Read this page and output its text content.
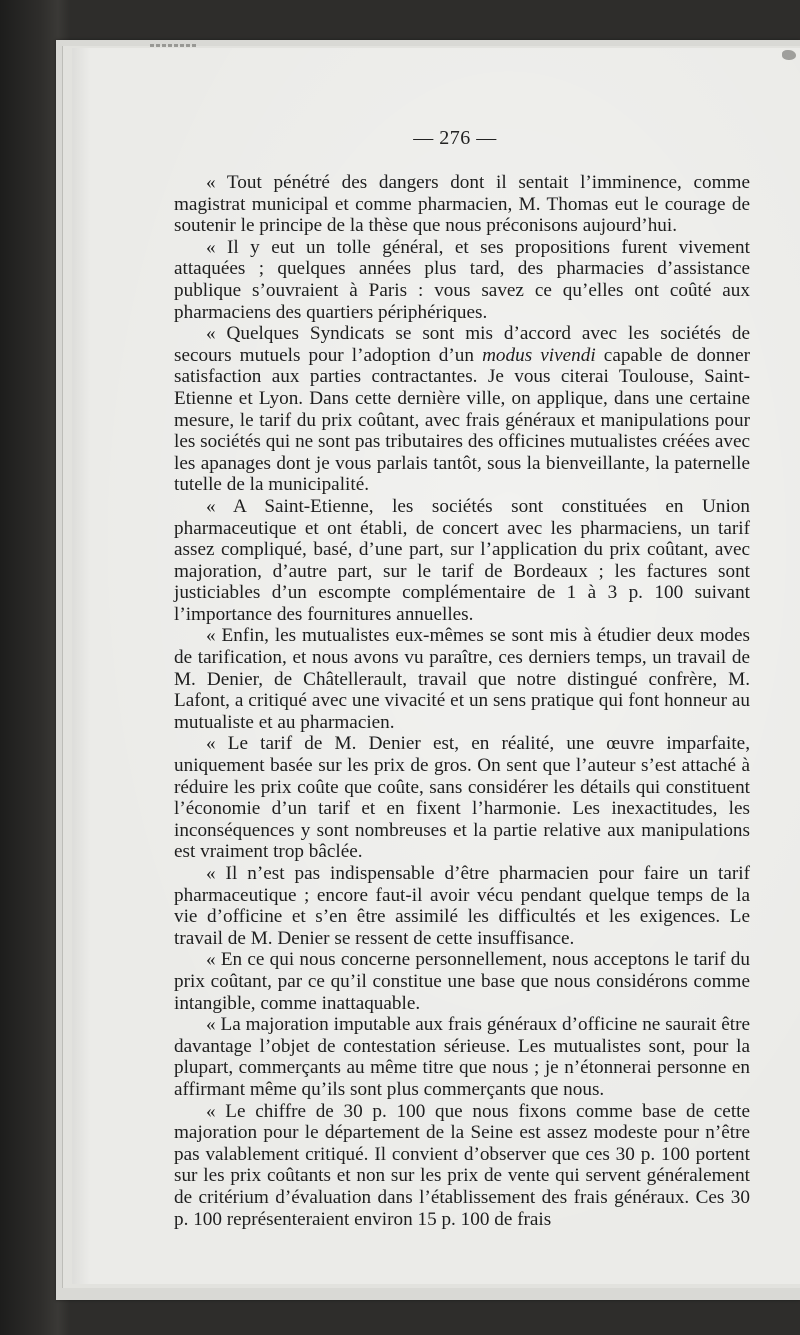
— 276 —

« Tout pénétré des dangers dont il sentait l’imminence, comme magistrat municipal et comme pharmacien, M. Thomas eut le courage de soutenir le principe de la thèse que nous préconisons aujourd’hui.

« Il y eut un tolle général, et ses propositions furent vivement attaquées ; quelques années plus tard, des pharmacies d’assistance publique s’ouvraient à Paris : vous savez ce qu’elles ont coûté aux pharmaciens des quartiers périphériques.

« Quelques Syndicats se sont mis d’accord avec les sociétés de secours mutuels pour l’adoption d’un modus vivendi capable de donner satisfaction aux parties contractantes. Je vous citerai Toulouse, Saint-Etienne et Lyon. Dans cette dernière ville, on applique, dans une certaine mesure, le tarif du prix coûtant, avec frais généraux et manipulations pour les sociétés qui ne sont pas tributaires des officines mutualistes créées avec les apanages dont je vous parlais tantôt, sous la bienveillante, la paternelle tutelle de la municipalité.

« A Saint-Etienne, les sociétés sont constituées en Union pharmaceutique et ont établi, de concert avec les pharmaciens, un tarif assez compliqué, basé, d’une part, sur l’application du prix coûtant, avec majoration, d’autre part, sur le tarif de Bordeaux ; les factures sont justiciables d’un escompte complémentaire de 1 à 3 p. 100 suivant l’importance des fournitures annuelles.

« Enfin, les mutualistes eux-mêmes se sont mis à étudier deux modes de tarification, et nous avons vu paraître, ces derniers temps, un travail de M. Denier, de Châtellerault, travail que notre distingué confrère, M. Lafont, a critiqué avec une vivacité et un sens pratique qui font honneur au mutualiste et au pharmacien.

« Le tarif de M. Denier est, en réalité, une œuvre imparfaite, uniquement basée sur les prix de gros. On sent que l’auteur s’est attaché à réduire les prix coûte que coûte, sans considérer les détails qui constituent l’économie d’un tarif et en fixent l’harmonie. Les inexactitudes, les inconséquences y sont nombreuses et la partie relative aux manipulations est vraiment trop bâclée.

« Il n’est pas indispensable d’être pharmacien pour faire un tarif pharmaceutique ; encore faut-il avoir vécu pendant quelque temps de la vie d’officine et s’en être assimilé les difficultés et les exigences. Le travail de M. Denier se ressent de cette insuffisance.

« En ce qui nous concerne personnellement, nous acceptons le tarif du prix coûtant, par ce qu’il constitue une base que nous considérons comme intangible, comme inattaquable.

« La majoration imputable aux frais généraux d’officine ne saurait être davantage l’objet de contestation sérieuse. Les mutualistes sont, pour la plupart, commerçants au même titre que nous ; je n’étonnerai personne en affirmant même qu’ils sont plus commerçants que nous.

« Le chiffre de 30 p. 100 que nous fixons comme base de cette majoration pour le département de la Seine est assez modeste pour n’être pas valablement critiqué. Il convient d’observer que ces 30 p. 100 portent sur les prix coûtants et non sur les prix de vente qui servent généralement de critérium d’évaluation dans l’établissement des frais généraux. Ces 30 p. 100 représenteraient environ 15 p. 100 de frais
